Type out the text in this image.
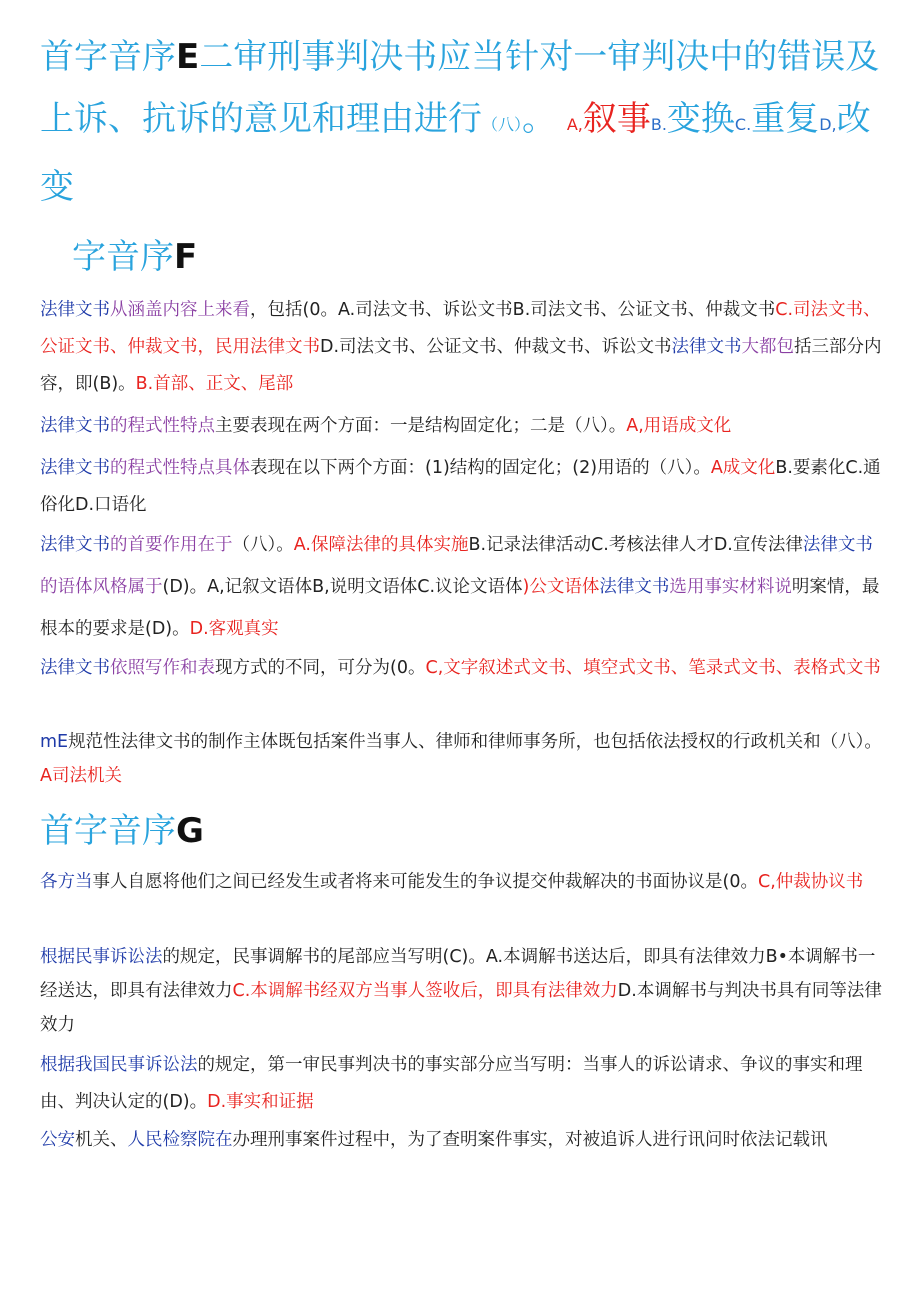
首字音序E二审刑事判决书应当针对一审判决中的错误及上诉、抗诉的意见和理由进行（八）。 A,叙事B.变换C.重复D,改变

字音序F

法律文书从涵盖内容上来看，包括(0。A.司法文书、诉讼文书B.司法文书、公证文书、仲裁文书C.司法文书、公证文书、仲裁文书，民用法律文书D.司法文书、公证文书、仲裁文书、诉讼文书法律文书大都包括三部分内容，即(B)。B.首部、正文、尾部

法律文书的程式性特点主要表现在两个方面：一是结构固定化；二是（八）。A,用语成文化

法律文书的程式性特点具体表现在以下两个方面：(1)结构的固定化；(2)用语的（八）。A成文化B.要素化C.通俗化D.口语化

法律文书的首要作用在于（八）。A.保障法律的具体实施B.记录法律活动C.考核法律人才D.宣传法律法律文书的语体风格属于(D)。A,记叙文语体B,说明文语体C.议论文语体)公文语体法律文书选用事实材料说明案情，最根本的要求是(D)。D.客观真实

法律文书依照写作和表现方式的不同，可分为(0。C,文字叙述式文书、填空式文书、笔录式文书、表格式文书

mE规范性法律文书的制作主体既包括案件当事人、律师和律师事务所，也包括依法授权的行政机关和（八）。A司法机关

首字音序G

各方当事人自愿将他们之间已经发生或者将来可能发生的争议提交仲裁解决的书面协议是(0。C,仲裁协议书

根据民事诉讼法的规定，民事调解书的尾部应当写明(C)。A.本调解书送达后，即具有法律效力B•本调解书一经送达，即具有法律效力C.本调解书经双方当事人签收后，即具有法律效力D.本调解书与判决书具有同等法律效力

根据我国民事诉讼法的规定，第一审民事判决书的事实部分应当写明：当事人的诉讼请求、争议的事实和理由、判决认定的(D)。D.事实和证据

公安机关、人民检察院在办理刑事案件过程中，为了查明案件事实，对被追诉人进行讯问时依法记载讯
